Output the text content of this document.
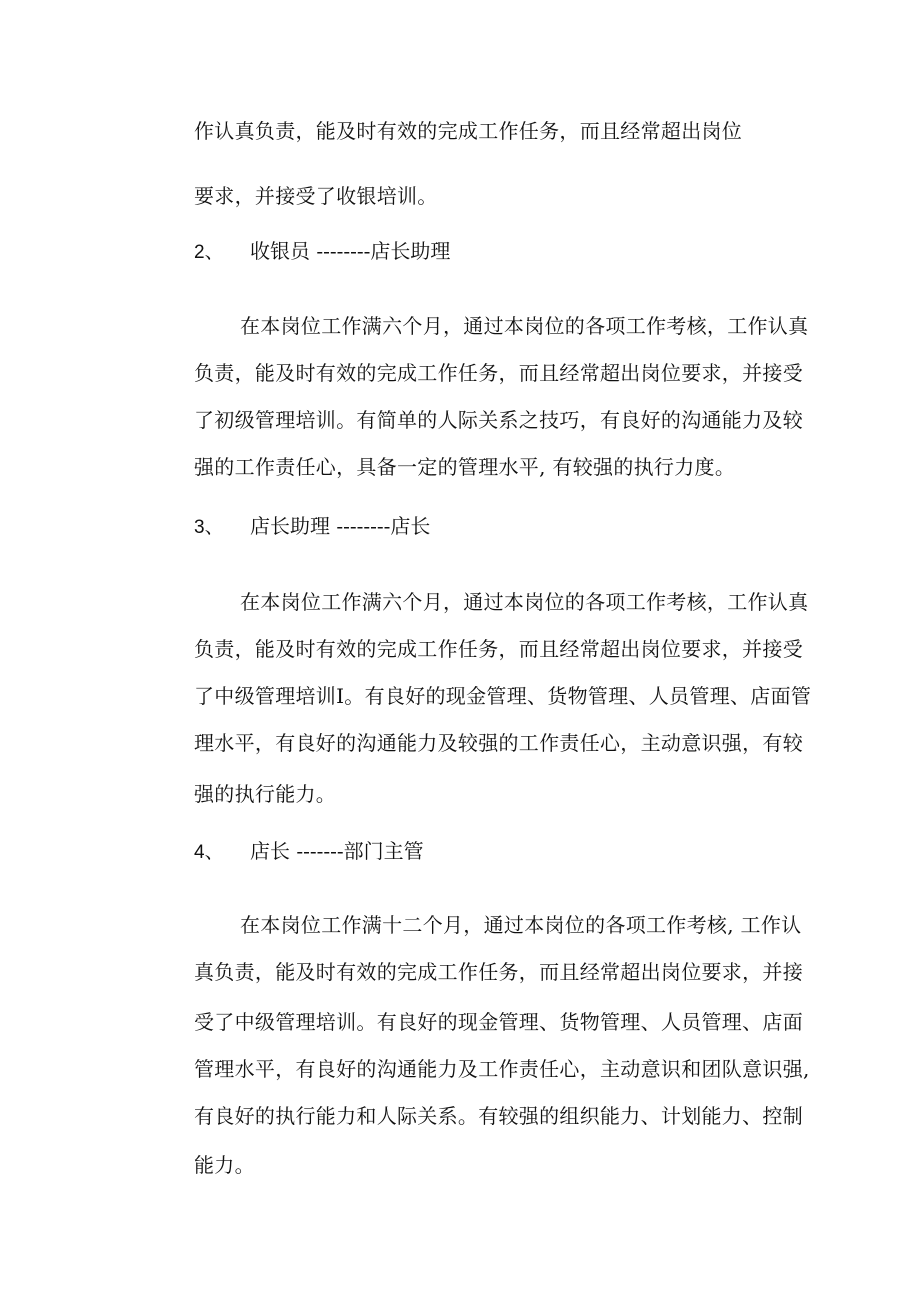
作认真负责，能及时有效的完成工作任务，而且经常超出岗位
要求，并接受了收银培训。
2、 收银员 --------店长助理
在本岗位工作满六个月，通过本岗位的各项工作考核，工作认真
负责，能及时有效的完成工作任务，而且经常超出岗位要求，并接受
了初级管理培训。有简单的人际关系之技巧，有良好的沟通能力及较
强的工作责任心，具备一定的管理水平, 有较强的执行力度。
3、 店长助理 --------店长
在本岗位工作满六个月，通过本岗位的各项工作考核，工作认真
负责，能及时有效的完成工作任务，而且经常超出岗位要求，并接受
了中级管理培训I。有良好的现金管理、货物管理、人员管理、店面管
理水平，有良好的沟通能力及较强的工作责任心，主动意识强，有较
强的执行能力。
4、 店长 -------部门主管
在本岗位工作满十二个月，通过本岗位的各项工作考核, 工作认
真负责，能及时有效的完成工作任务，而且经常超出岗位要求，并接
受了中级管理培训。有良好的现金管理、货物管理、人员管理、店面
管理水平，有良好的沟通能力及工作责任心，主动意识和团队意识强,
有良好的执行能力和人际关系。有较强的组织能力、计划能力、控制
能力。
